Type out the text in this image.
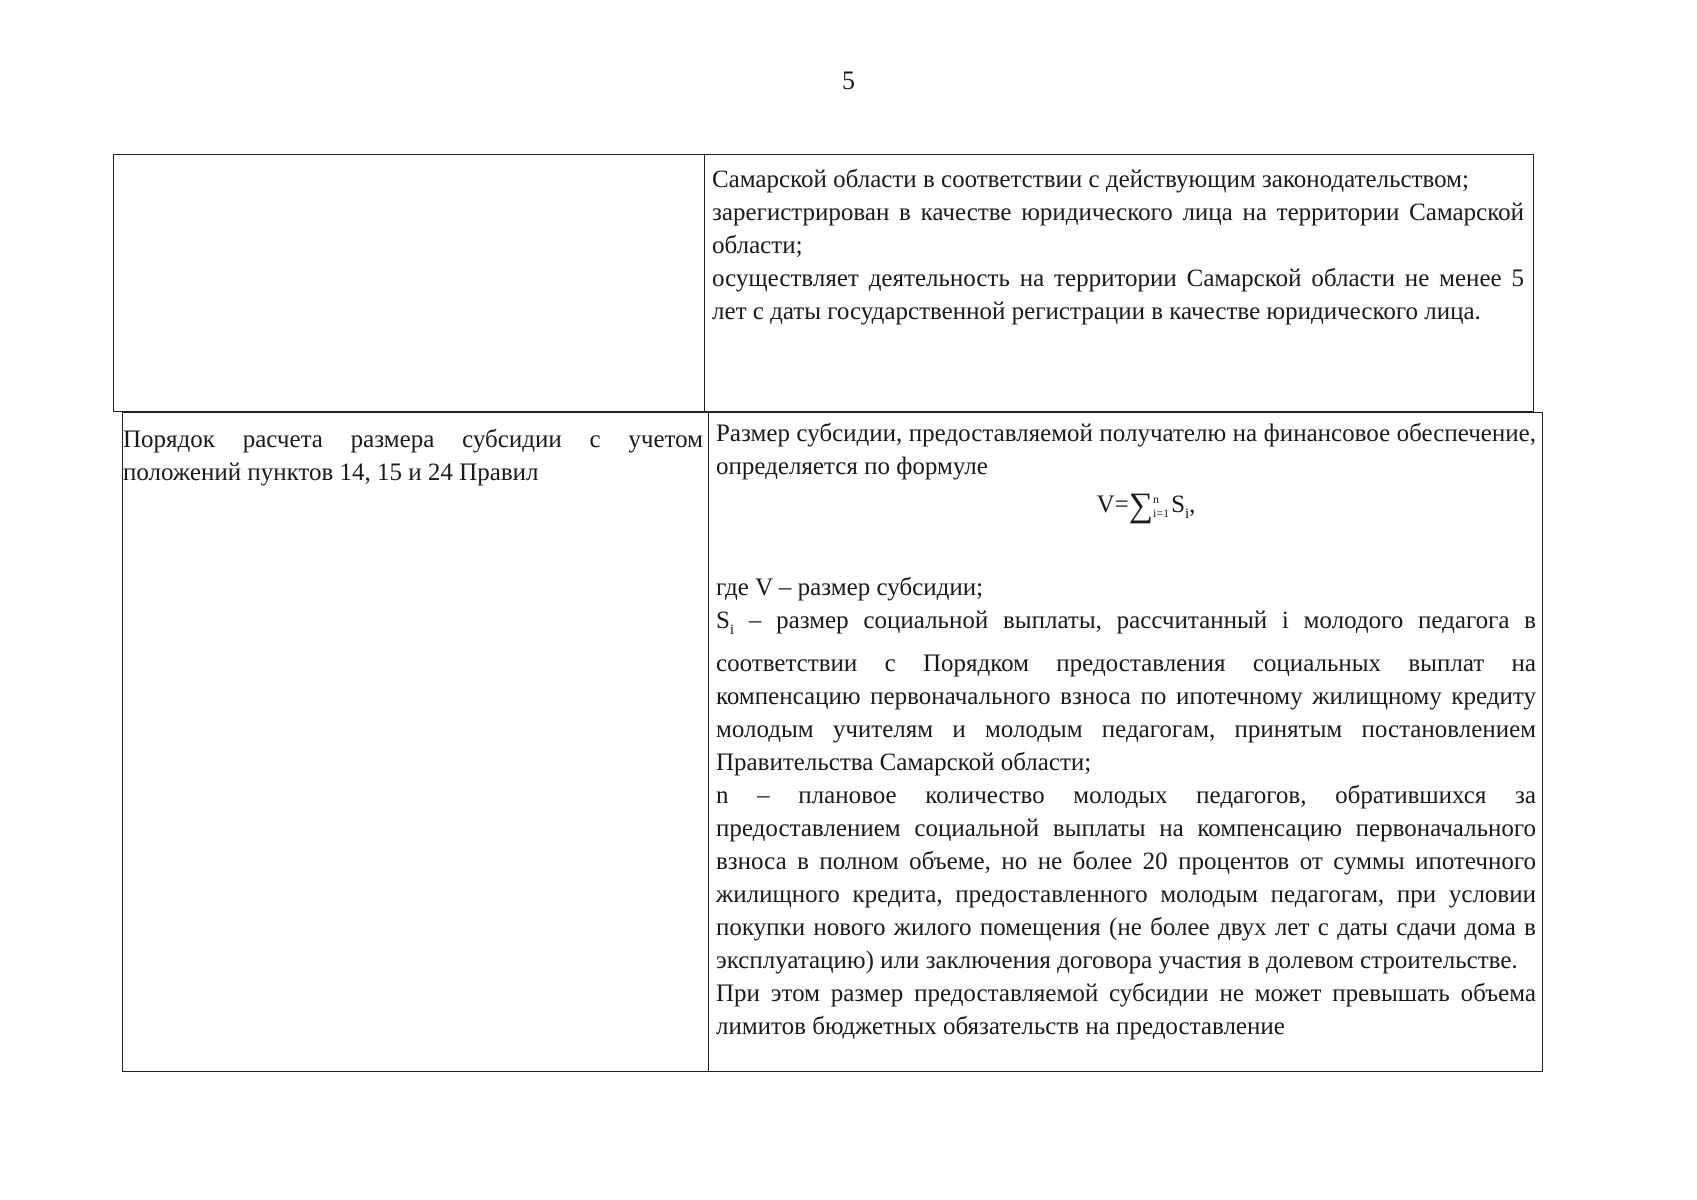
5
Самарской области в соответствии с действующим законодательством;
зарегистрирован в качестве юридического лица на территории Самарской области;
осуществляет деятельность на территории Самарской области не менее 5 лет с даты государственной регистрации в качестве юридического лица.
Порядок расчета размера субсидии с учетом положений пунктов 14, 15 и 24 Правил
Размер субсидии, предоставляемой получателю на финансовое обеспечение, определяется по формуле
V=∑n
$i=1S_i$,
где V – размер субсидии;
$S_i$ – размер социальной выплаты, рассчитанный i молодого педагога в соответствии с Порядком предоставления социальных выплат на компенсацию первоначального взноса по ипотечному жилищному кредиту молодым учителям и молодым педагогам, принятым постановлением Правительства Самарской области;
n – плановое количество молодых педагогов, обратившихся за предоставлением социальной выплаты на компенсацию первоначального взноса в полном объеме, но не более 20 процентов от суммы ипотечного жилищного кредита, предоставленного молодым педагогам, при условии покупки нового жилого помещения (не более двух лет с даты сдачи дома в эксплуатацию) или заключения договора участия в долевом строительстве.
При этом размер предоставляемой субсидии не может превышать объема лимитов бюджетных обязательств на предоставление
